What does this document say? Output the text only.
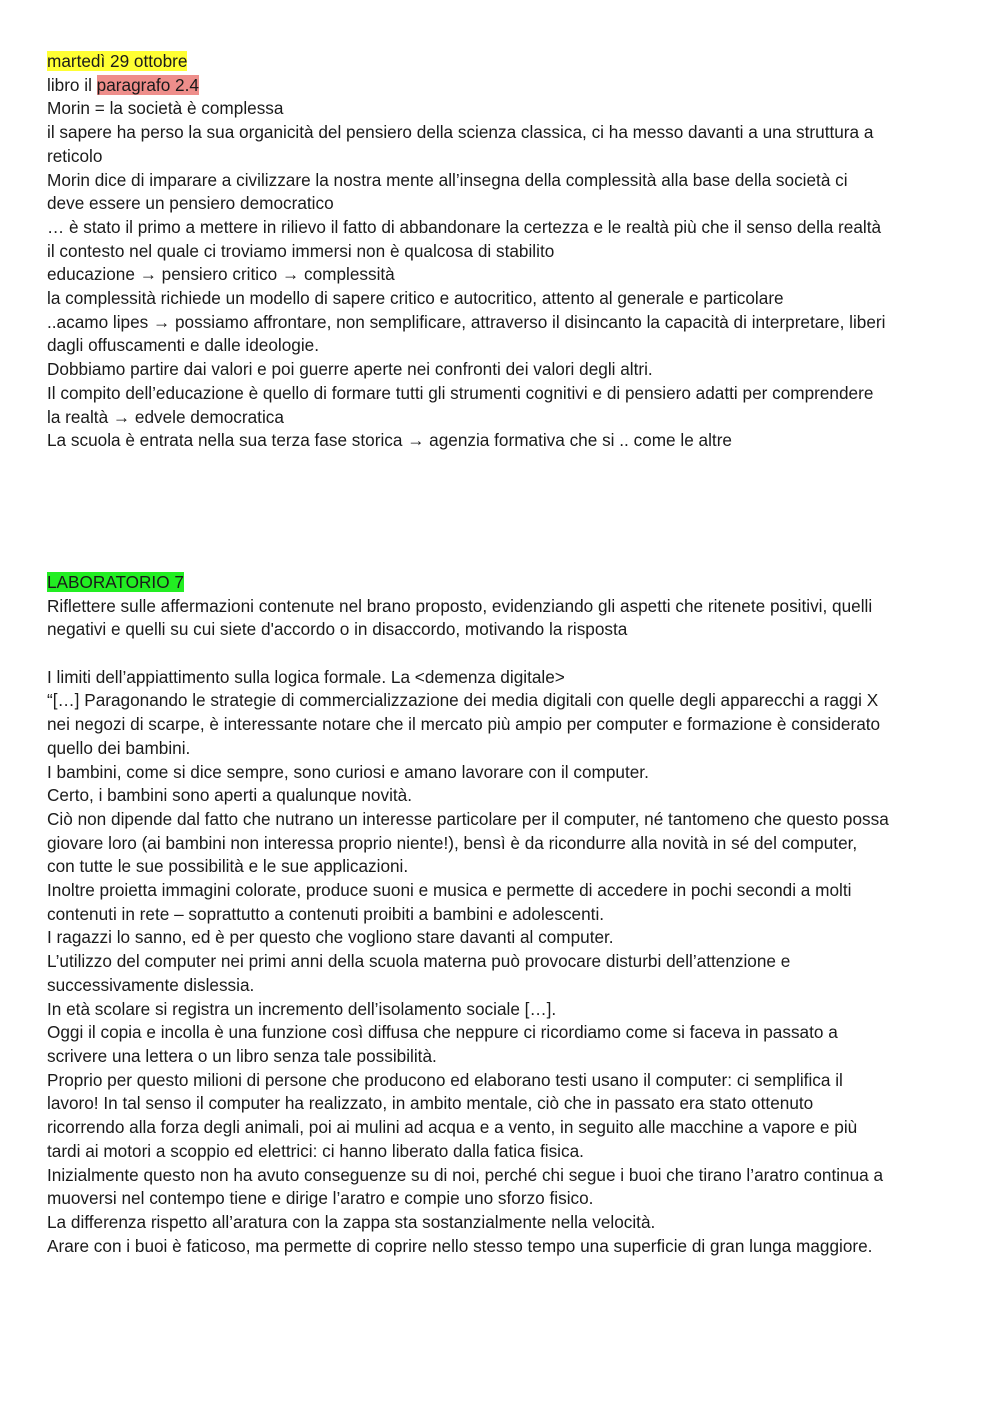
martedì 29 ottobre

libro il paragrafo 2.4

Morin = la società è complessa

il sapere ha perso la sua organicità del pensiero della scienza classica, ci ha messo davanti a una struttura a

reticolo

Morin dice di imparare a civilizzare la nostra mente all’insegna della complessità alla base della società ci

deve essere un pensiero democratico

… è stato il primo a mettere in rilievo il fatto di abbandonare la certezza e le realtà più che il senso della realtà

il contesto nel quale ci troviamo immersi non è qualcosa di stabilito

educazione → pensiero critico → complessità

la complessità richiede un modello di sapere critico e autocritico, attento al generale e particolare

..acamo lipes → possiamo affrontare, non semplificare, attraverso il disincanto la capacità di interpretare, liberi

dagli offuscamenti e dalle ideologie.

Dobbiamo partire dai valori e poi guerre aperte nei confronti dei valori degli altri.

Il compito dell’educazione è quello di formare tutti gli strumenti cognitivi e di pensiero adatti per comprendere

la realtà → edvele democratica

La scuola è entrata nella sua terza fase storica → agenzia formativa che si .. come le altre

LABORATORIO 7

Riflettere sulle affermazioni contenute nel brano proposto, evidenziando gli aspetti che ritenete positivi, quelli

negativi e quelli su cui siete d'accordo o in disaccordo, motivando la risposta

I limiti dell’appiattimento sulla logica formale. La <demenza digitale>

“[…] Paragonando le strategie di commercializzazione dei media digitali con quelle degli apparecchi a raggi X

nei negozi di scarpe, è interessante notare che il mercato più ampio per computer e formazione è considerato

quello dei bambini.

I bambini, come si dice sempre, sono curiosi e amano lavorare con il computer.

Certo, i bambini sono aperti a qualunque novità.

Ciò non dipende dal fatto che nutrano un interesse particolare per il computer, né tantomeno che questo possa

giovare loro (ai bambini non interessa proprio niente!), bensì è da ricondurre alla novità in sé del computer,

con tutte le sue possibilità e le sue applicazioni.

Inoltre proietta immagini colorate, produce suoni e musica e permette di accedere in pochi secondi a molti

contenuti in rete – soprattutto a contenuti proibiti a bambini e adolescenti.

I ragazzi lo sanno, ed è per questo che vogliono stare davanti al computer.

L’utilizzo del computer nei primi anni della scuola materna può provocare disturbi dell’attenzione e

successivamente dislessia.

In età scolare si registra un incremento dell’isolamento sociale […].

Oggi il copia e incolla è una funzione così diffusa che neppure ci ricordiamo come si faceva in passato a

scrivere una lettera o un libro senza tale possibilità.

Proprio per questo milioni di persone che producono ed elaborano testi usano il computer: ci semplifica il

lavoro! In tal senso il computer ha realizzato, in ambito mentale, ciò che in passato era stato ottenuto

ricorrendo alla forza degli animali, poi ai mulini ad acqua e a vento, in seguito alle macchine a vapore e più

tardi ai motori a scoppio ed elettrici: ci hanno liberato dalla fatica fisica.

Inizialmente questo non ha avuto conseguenze su di noi, perché chi segue i buoi che tirano l’aratro continua a

muoversi nel contempo tiene e dirige l’aratro e compie uno sforzo fisico.

La differenza rispetto all’aratura con la zappa sta sostanzialmente nella velocità.

Arare con i buoi è faticoso, ma permette di coprire nello stesso tempo una superficie di gran lunga maggiore.
